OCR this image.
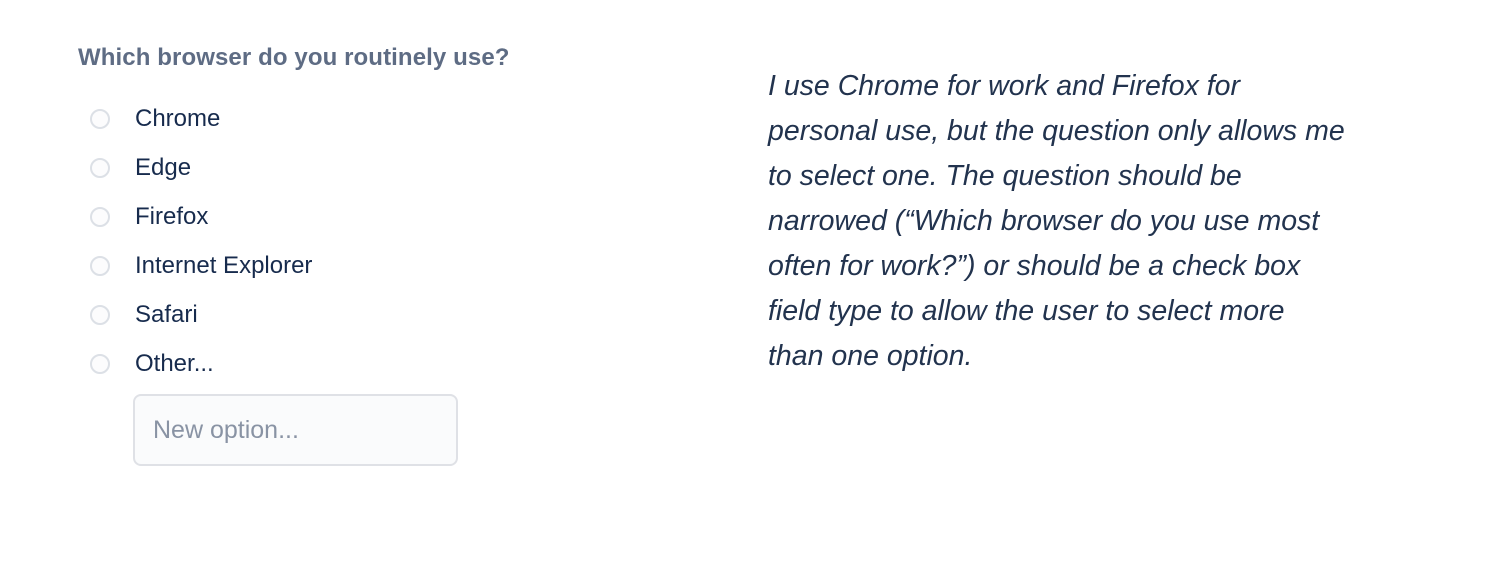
Which browser do you routinely use?
Chrome
Edge
Firefox
Internet Explorer
Safari
Other...
New option...
I use Chrome for work and Firefox for
personal use, but the question only allows me
to select one. The question should be
narrowed (“Which browser do you use most
often for work?”) or should be a check box
field type to allow the user to select more
than one option.
